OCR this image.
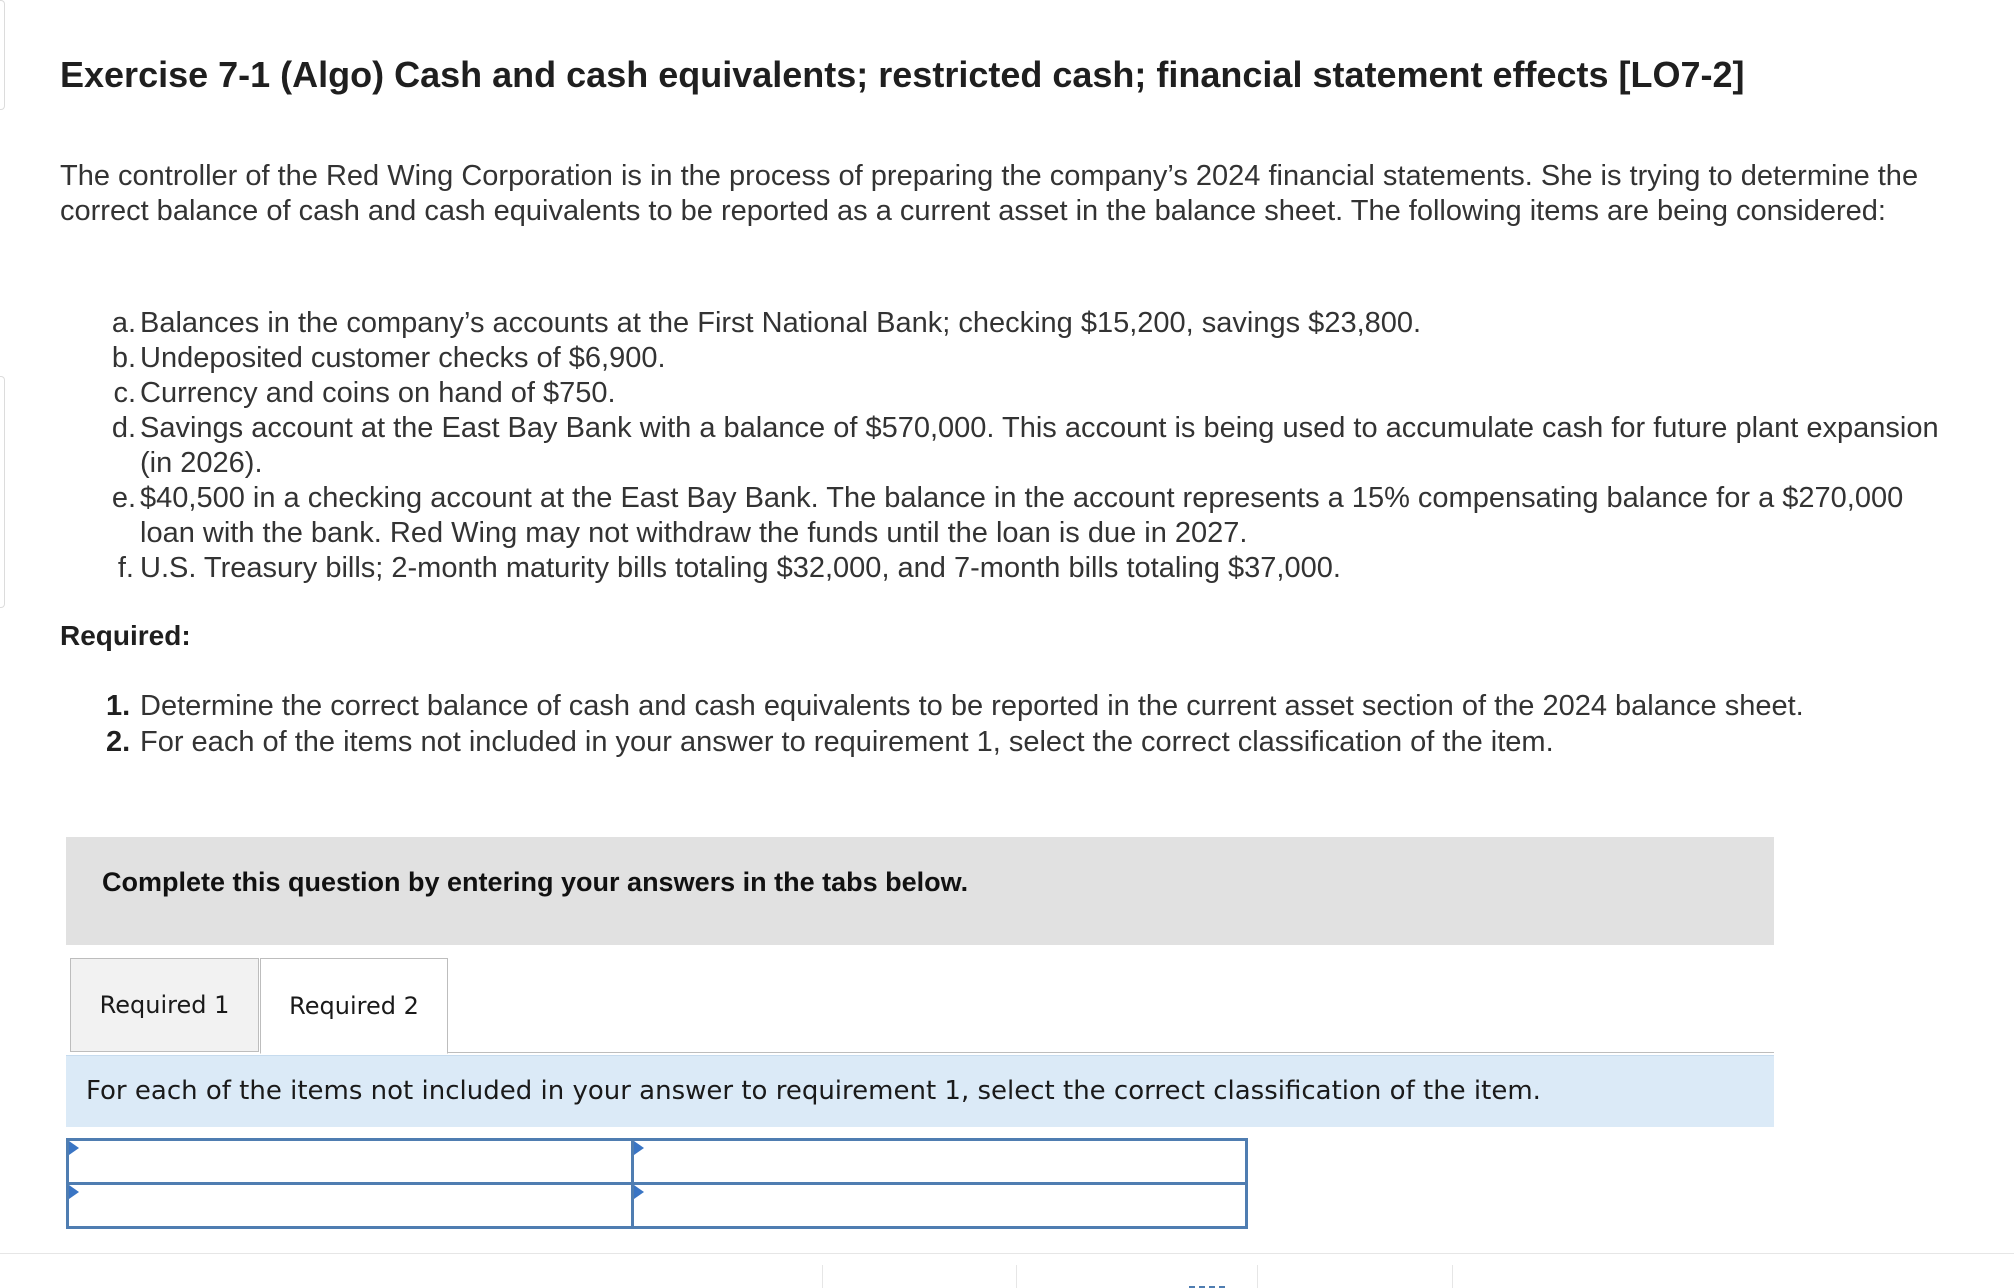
Exercise 7-1 (Algo) Cash and cash equivalents; restricted cash; financial statement effects [LO7-2]

The controller of the Red Wing Corporation is in the process of preparing the company’s 2024 financial statements. She is trying to determine the correct balance of cash and cash equivalents to be reported as a current asset in the balance sheet. The following items are being considered:

a. Balances in the company’s accounts at the First National Bank; checking $15,200, savings $23,800.
b. Undeposited customer checks of $6,900.
c. Currency and coins on hand of $750.
d. Savings account at the East Bay Bank with a balance of $570,000. This account is being used to accumulate cash for future plant expansion (in 2026).
e. $40,500 in a checking account at the East Bay Bank. The balance in the account represents a 15% compensating balance for a $270,000 loan with the bank. Red Wing may not withdraw the funds until the loan is due in 2027.
f. U.S. Treasury bills; 2-month maturity bills totaling $32,000, and 7-month bills totaling $37,000.
Required:
1. Determine the correct balance of cash and cash equivalents to be reported in the current asset section of the 2024 balance sheet.
2. For each of the items not included in your answer to requirement 1, select the correct classification of the item.
Complete this question by entering your answers in the tabs below.
Required 1 Required 2
For each of the items not included in your answer to requirement 1, select the correct classification of the item.
